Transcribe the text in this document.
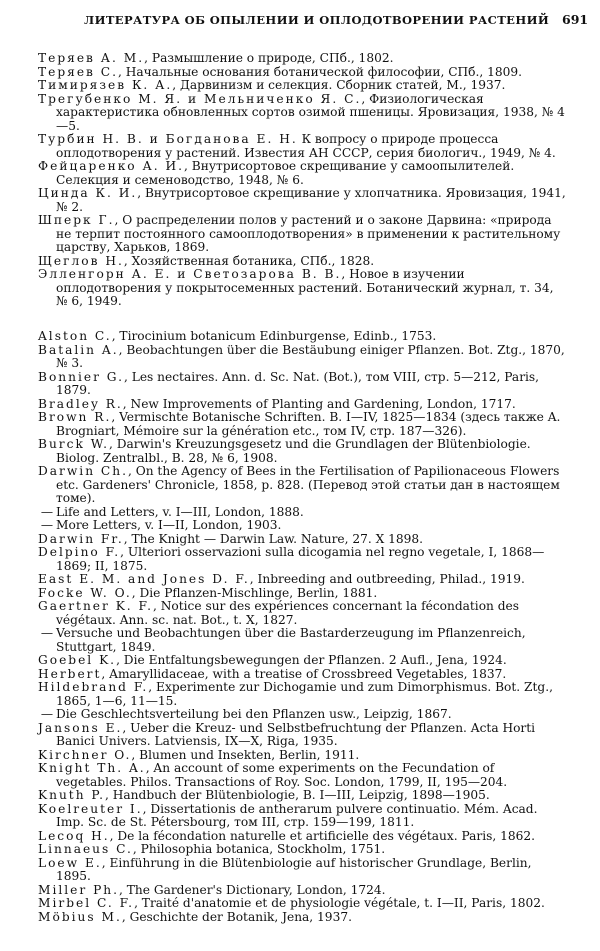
ЛИТЕРАТУРА ОБ ОПЫЛЕНИИ И ОПЛОДОТВОРЕНИИ РАСТЕНИЙ 691

Теряев А. М., Размышление о природе, СПб., 1802.

Теряев С., Начальные основания ботанической философии, СПб., 1809.

Тимирязев К. А., Дарвинизм и селекция. Сборник статей, М., 1937.

Трегубенко М. Я. и Мельниченко Я. С., Физиологическая характеристика обновленных сортов озимой пшеницы. Яровизация, 1938, № 4—5.

Турбин Н. В. и Богданова Е. Н. К вопросу о природе процесса оплодотворения у растений. Известия АН СССР, серия биологич., 1949, № 4.

Фейцаренко А. И., Внутрисортовое скрещивание у самоопылителей. Селекция и семеноводство, 1948, № 6.

Цинда К. И., Внутрисортовое скрещивание у хлопчатника. Яровизация, 1941, № 2.

Шперк Г., О распределении полов у растений и о законе Дарвина: «природа не терпит постоянного самооплодотворения» в применении к растительному царству, Харьков, 1869.

Щеглов Н., Хозяйственная ботаника, СПб., 1828.

Элленгорн А. Е. и Светозарова В. В., Новое в изучении оплодотворения у покрытосеменных растений. Ботанический журнал, т. 34, № 6, 1949.

Alston C., Tirocinium botanicum Edinburgense, Edinb., 1753.

Batalin A., Beobachtungen über die Bestäubung einiger Pflanzen. Bot. Ztg., 1870, № 3.

Bonnier G., Les nectaires. Ann. d. Sc. Nat. (Bot.), том VIII, стр. 5—212, Paris, 1879.

Bradley R., New Improvements of Planting and Gardening, London, 1717.

Brown R., Vermischte Botanische Schriften. B. I—IV, 1825—1834 (здесь также A. Brogniart, Mémoire sur la génération etc., том IV, стр. 187—326).

Burck W., Darwin's Kreuzungsgesetz und die Grundlagen der Blütenbiologie. Biolog. Zentralbl., B. 28, № 6, 1908.

Darwin Ch., On the Agency of Bees in the Fertilisation of Papilionaceous Flowers etc. Gardeners' Chronicle, 1858, p. 828. (Перевод этой статьи дан в настоящем томе).

— Life and Letters, v. I—III, London, 1888.

— More Letters, v. I—II, London, 1903.

Darwin Fr., The Knight — Darwin Law. Nature, 27. X 1898.

Delpino F., Ulteriori osservazioni sulla dicogamia nel regno vegetale, I, 1868—1869; II, 1875.

East E. M. and Jones D. F., Inbreeding and outbreeding, Philad., 1919.

Focke W. O., Die Pflanzen-Mischlinge, Berlin, 1881.

Gaertner K. F., Notice sur des expériences concernant la fécondation des végétaux. Ann. sc. nat. Bot., t. X, 1827.

— Versuche und Beobachtungen über die Bastarderzeugung im Pflanzenreich, Stuttgart, 1849.

Goebel K., Die Entfaltungsbewegungen der Pflanzen. 2 Aufl., Jena, 1924.

Herbert, Amaryllidaceae, with a treatise of Crossbreed Vegetables, 1837.

Hildebrand F., Experimente zur Dichogamie und zum Dimorphismus. Bot. Ztg., 1865, 1—6, 11—15.

— Die Geschlechtsverteilung bei den Pflanzen usw., Leipzig, 1867.

Jansons E., Ueber die Kreuz- und Selbstbefruchtung der Pflanzen. Acta Horti Banici Univers. Latviensis, IX—X, Riga, 1935.

Kirchner O., Blumen und Insekten, Berlin, 1911.

Knight Th. A., An account of some experiments on the Fecundation of vegetables. Philos. Transactions of Roy. Soc. London, 1799, II, 195—204.

Knuth P., Handbuch der Blütenbiologie, B. I—III, Leipzig, 1898—1905.

Koelreuter I., Dissertationis de antherarum pulvere continuatio. Mém. Acad. Imp. Sc. de St. Pétersbourg, том III, стр. 159—199, 1811.

Lecoq H., De la fécondation naturelle et artificielle des végétaux. Paris, 1862.

Linnaeus C., Philosophia botanica, Stockholm, 1751.

Loew E., Einführung in die Blütenbiologie auf historischer Grundlage, Berlin, 1895.

Miller Ph., The Gardener's Dictionary, London, 1724.

Mirbel C. F., Traité d'anatomie et de physiologie végétale, t. I—II, Paris, 1802.

Möbius M., Geschichte der Botanik, Jena, 1937.
